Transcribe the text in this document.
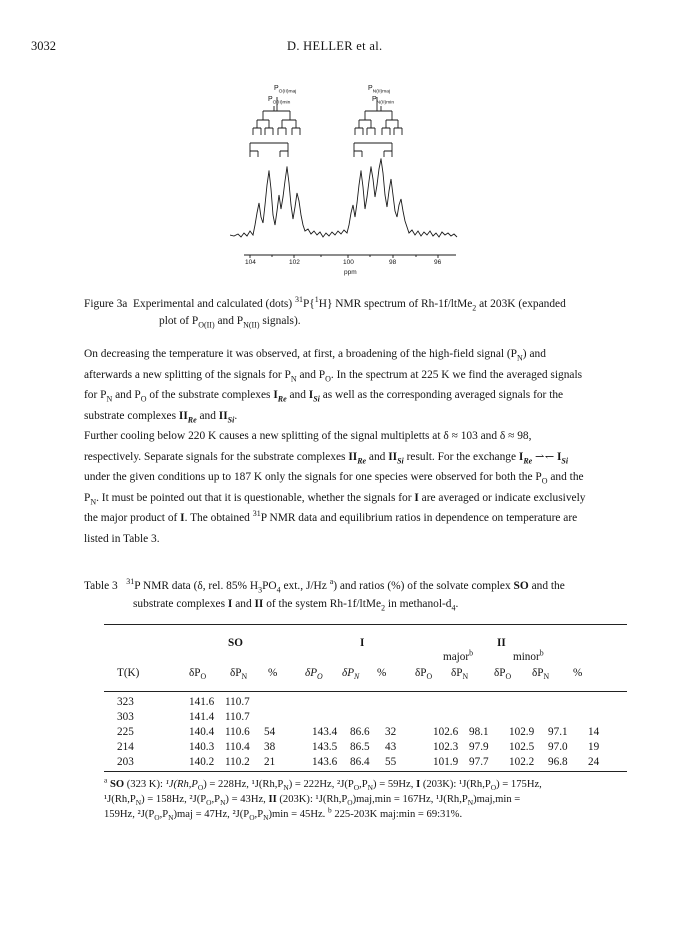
3032	D. HELLER et al.
$P_{O(II)maj}$
$P_{O(II)min}$
$P_{N(II)maj}$
$P_{N(II)min}$
104	102	100	98	96
ppm
Figure 3a Experimental and calculated (dots) $^{31}$P{$^1$H} NMR spectrum of Rh-1f/ltMe$_2$ at 203K (expanded
plot of $P_{O(II)}$ and $P_{N(II)}$ signals).
On decreasing the temperature it was observed, at first, a broadening of the high-field signal $(P_N)$ and
afterwards a new splitting of the signals for $P_N$ and $P_O$. In the spectrum at 225 K we find the averaged signals
for $P_N$ and $P_O$ of the substrate complexes $I_{Re}$ and $I_{Si}$ as well as the corresponding averaged signals for the
substrate complexes $II_{Re}$ and $II_{Si}$.
Further cooling below 220 K causes a new splitting of the signal multipletts at δ ≈ 103 and δ ≈ 98,
respectively. Separate signals for the substrate complexes $II_{Re}$ and $II_{Si}$ result. For the exchange $I_{Re}$ ⇀↽ $I_{Si}$
under the given conditions up to 187 K only the signals for one species were observed for both the $P_O$ and the
$P_N$. It must be pointed out that it is questionable, whether the signals for I are averaged or indicate exclusively
the major product of I. The obtained $^{31}$P NMR data and equilibrium ratios in dependence on temperature are
listed in Table 3.
Table 3 $^{31}$P NMR data (δ, rel. 85% $H_3PO_4$ ext., J/Hz $^a$) and ratios (%) of the solvate complex SO and the
substrate complexes I and II of the system Rh-1f/ltMe$_2$ in methanol-$d_4$.
SO	I	II
major$^b$	minor$^b$
T(K)	$\delta P_O$ $\delta P_N$ % $\delta P_O$ $\delta P_N$ %	$\delta P_O$ $\delta P_N$ $\delta P_O$ $\delta P_N$ %
323	141.6	110.7									
303	141.4	110.7									
225	140.4	110.6	54	143.4	86.6	32	102.6	98.1	102.9	97.1	14
214	140.3	110.4	38	143.5	86.5	43	102.3	97.9	102.5	97.0	19
203	140.2	110.2	21	143.6	86.4	55	101.9	97.7	102.2	96.8	24
$^a$ SO (323 K): $^1J(Rh,P_O) = 228Hz$, $^1J(Rh,P_N) = 222Hz$, $^2J(P_O,P_N) = 59Hz$, I (203K): $^1J(Rh,P_O) = 175Hz$,
$^1J(Rh,P_N) = 158Hz$, $^2J(P_O,P_N) = 43Hz$, II (203K): $^1J(Rh,P_O)maj,\min = 167Hz$, $^1J(Rh,P_N)maj,\min$ =
159Hz, $^2J(P_O,P_N)maj = 47Hz$, $^2J(P_O,P_N)\min = 45Hz$. $^b$ 225-203K maj:min = 69:31%.
